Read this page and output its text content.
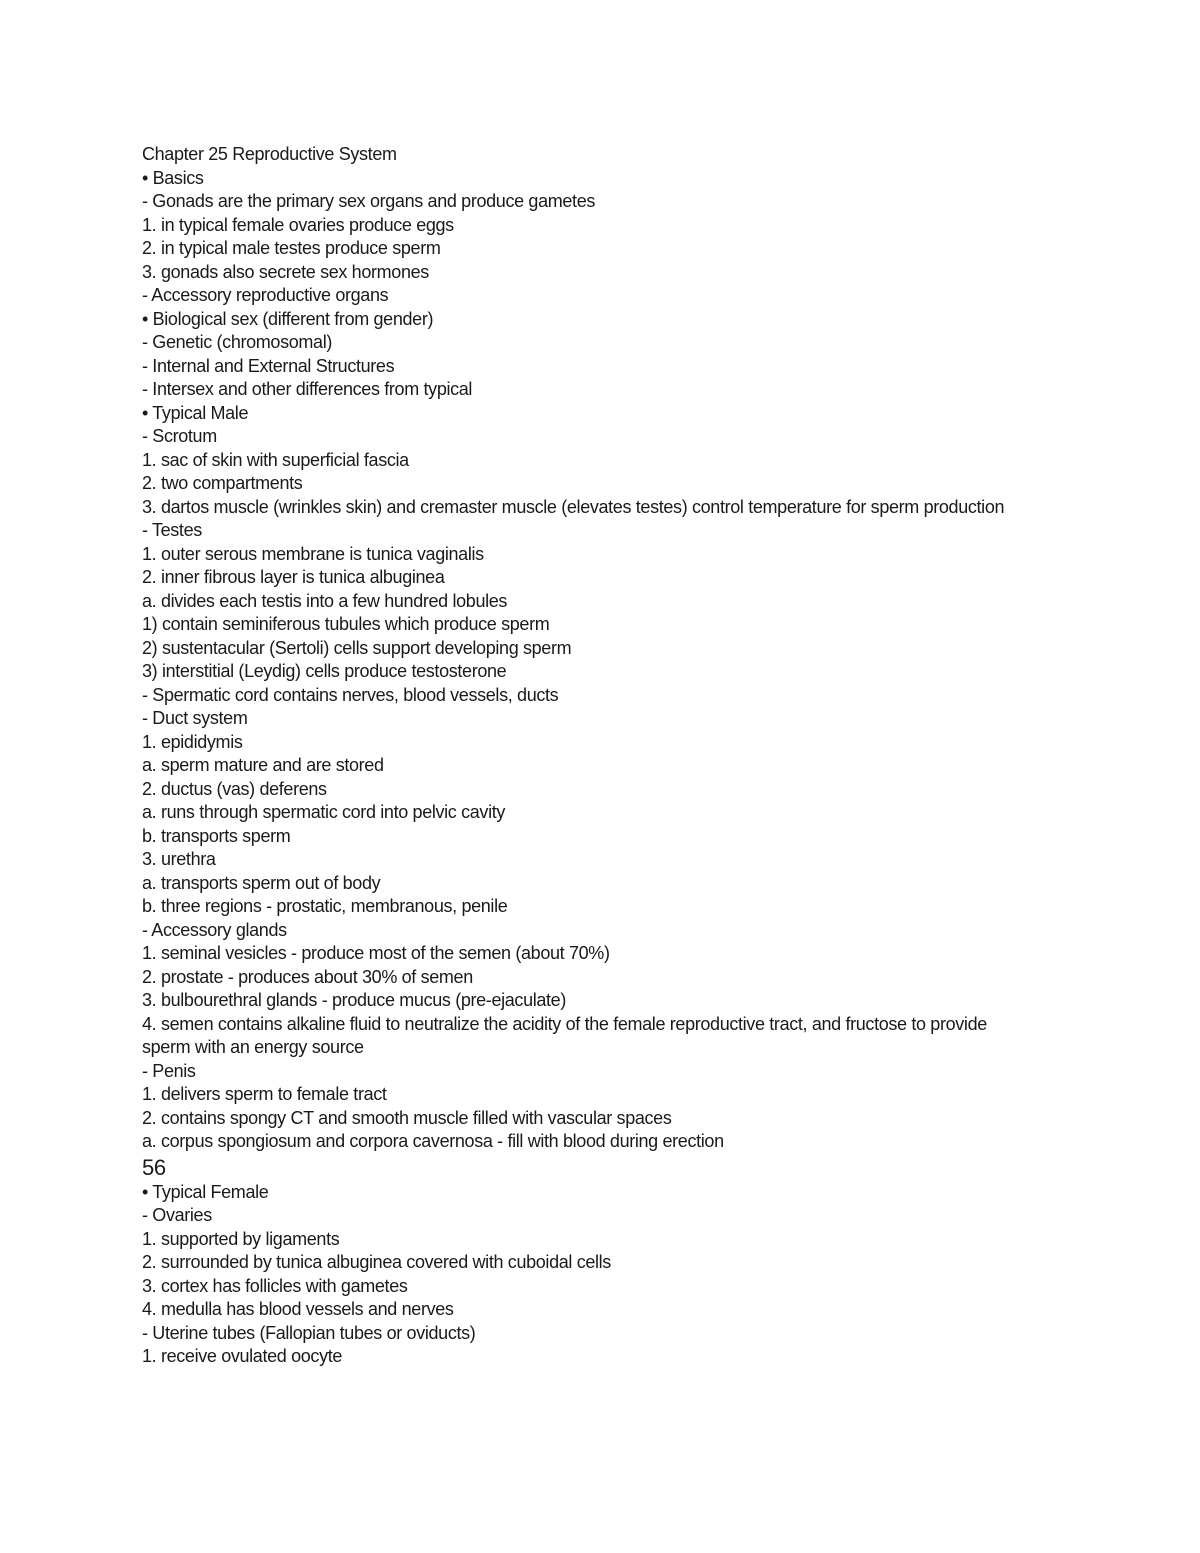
Chapter 25 Reproductive System
• Basics
- Gonads are the primary sex organs and produce gametes
1. in typical female ovaries produce eggs
2. in typical male testes produce sperm
3. gonads also secrete sex hormones
- Accessory reproductive organs
• Biological sex (different from gender)
- Genetic (chromosomal)
- Internal and External Structures
- Intersex and other differences from typical
• Typical Male
- Scrotum
1. sac of skin with superficial fascia
2. two compartments
3. dartos muscle (wrinkles skin) and cremaster muscle (elevates testes) control temperature for sperm production
- Testes
1. outer serous membrane is tunica vaginalis
2. inner fibrous layer is tunica albuginea
a. divides each testis into a few hundred lobules
1) contain seminiferous tubules which produce sperm
2) sustentacular (Sertoli) cells support developing sperm
3) interstitial (Leydig) cells produce testosterone
- Spermatic cord contains nerves, blood vessels, ducts
- Duct system
1. epididymis
a. sperm mature and are stored
2. ductus (vas) deferens
a. runs through spermatic cord into pelvic cavity
b. transports sperm
3. urethra
a. transports sperm out of body
b. three regions - prostatic, membranous, penile
- Accessory glands
1. seminal vesicles - produce most of the semen (about 70%)
2. prostate - produces about 30% of semen
3. bulbourethral glands - produce mucus (pre-ejaculate)
4. semen contains alkaline fluid to neutralize the acidity of the female reproductive tract, and fructose to provide sperm with an energy source
- Penis
1. delivers sperm to female tract
2. contains spongy CT and smooth muscle filled with vascular spaces
a. corpus spongiosum and corpora cavernosa - fill with blood during erection
56
• Typical Female
- Ovaries
1. supported by ligaments
2. surrounded by tunica albuginea covered with cuboidal cells
3. cortex has follicles with gametes
4. medulla has blood vessels and nerves
- Uterine tubes (Fallopian tubes or oviducts)
1. receive ovulated oocyte
